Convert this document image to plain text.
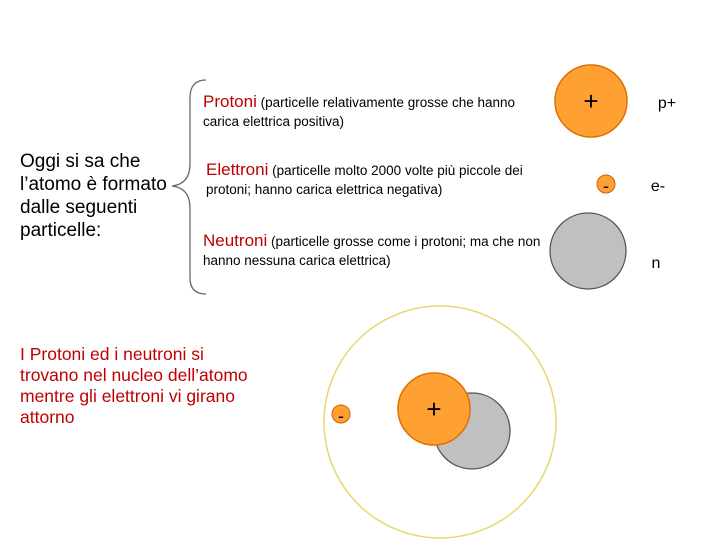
Oggi si sa che l’atomo è formato dalle seguenti particelle:
Protoni (particelle relativamente grosse che hanno carica elettrica positiva)
Elettroni (particelle molto 2000 volte più piccole dei protoni; hanno carica elettrica negativa)
Neutroni (particelle grosse come i protoni; ma che non hanno nessuna carica elettrica)
+
-
p+
e-
n
+
-
I Protoni ed i neutroni si trovano nel nucleo dell’atomo mentre gli elettroni vi girano attorno
